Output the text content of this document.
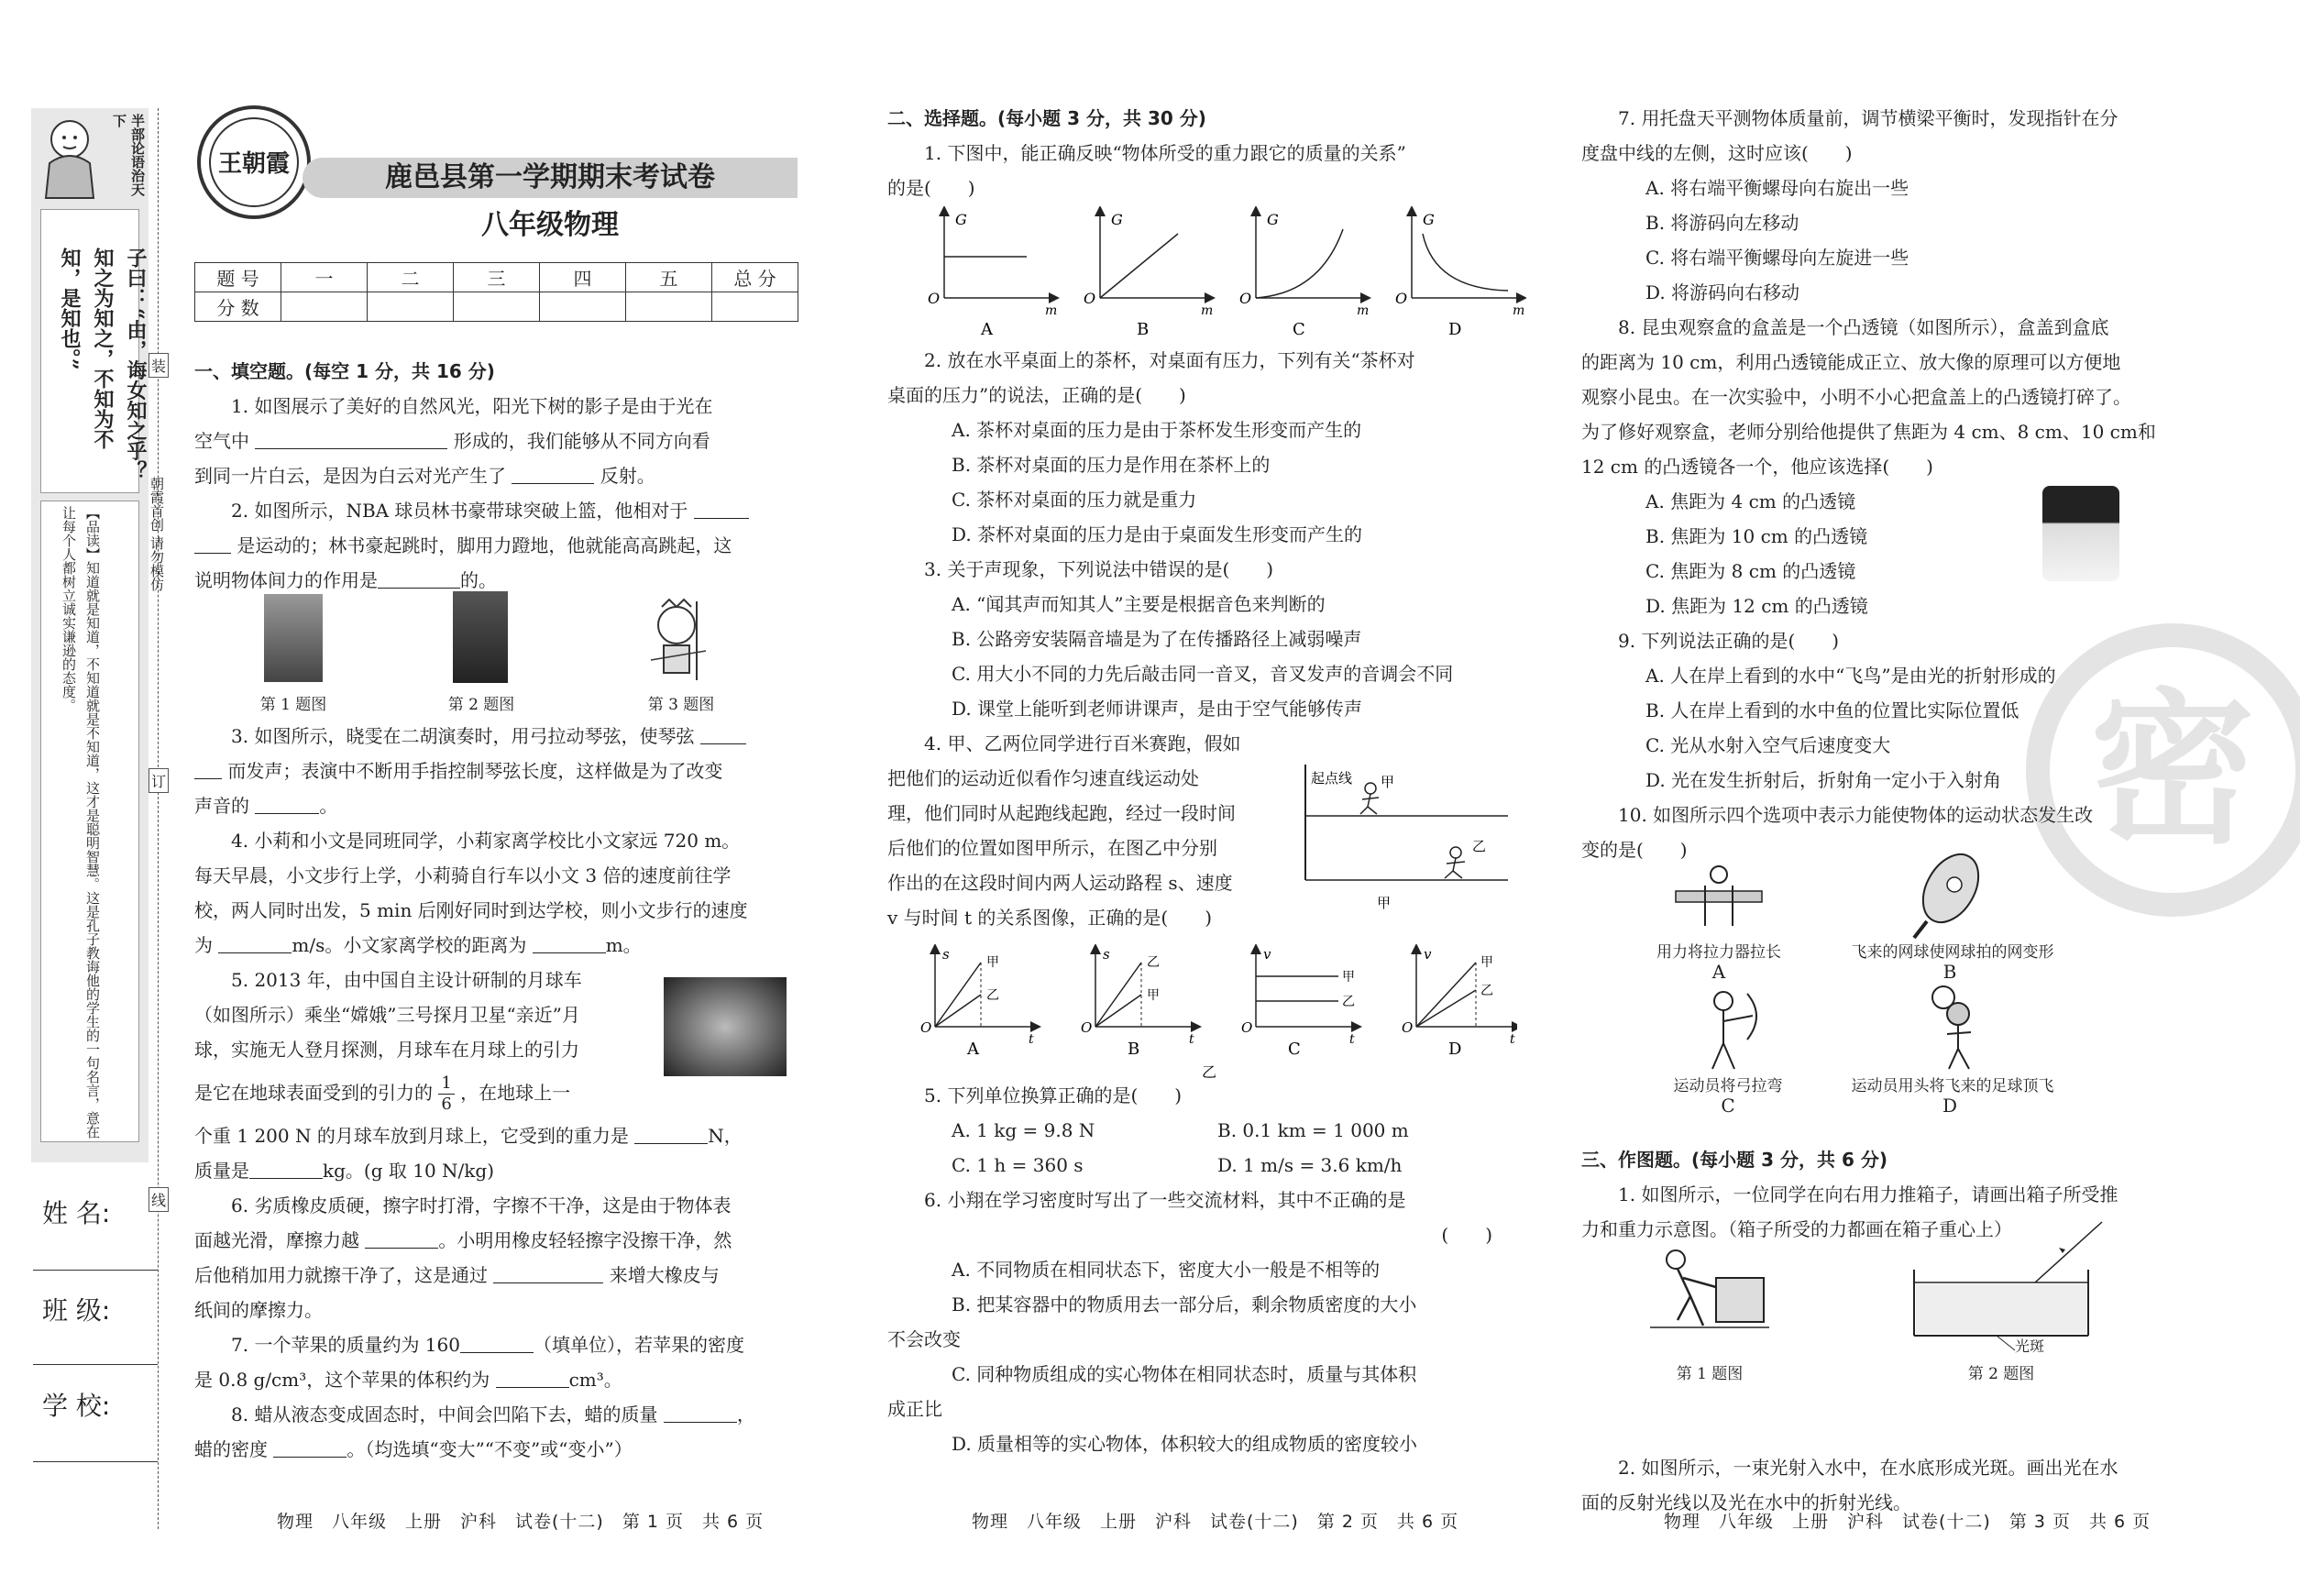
半部论语治天下
子曰：“由，诲女知之乎？知之为知之，不知为不知，是知也。”
【品读】知道就是知道，不知道就是不知道，这才是聪明智慧。这是孔子教诲他的学生的一句名言，意在让每个人都树立诚实谦逊的态度。
装
订
线
朝霞首创 请勿模仿
姓 名:
班 级:
学 校:
王朝霞	鹿邑县第一学期期末考试卷
八年级物理
题 号	一	二	三	四	五	总 分
分 数						

一、填空题。(每空 1 分，共 16 分)

1. 如图展示了美好的自然风光，阳光下树的影子是由于光在

空气中	形成的，我们能够从不同方向看

到同一片白云，是因为白云对光产生了	反射。

2. 如图所示，NBA 球员林书豪带球突破上篮，他相对于

是运动的；林书豪起跳时，脚用力蹬地，他就能高高跳起，这

说明物体间力的作用是	的。

3. 如图所示，晓雯在二胡演奏时，用弓拉动琴弦，使琴弦

而发声；表演中不断用手指控制琴弦长度，这样做是为了改变

声音的	。

4. 小莉和小文是同班同学，小莉家离学校比小文家远 720 m。

每天早晨，小文步行上学，小莉骑自行车以小文 3 倍的速度前往学

校，两人同时出发，5 min 后刚好同时到达学校，则小文步行的速度

为	m/s。小文家离学校的距离为	m。

5. 2013 年，由中国自主设计研制的月球车

（如图所示）乘坐“嫦娥”三号探月卫星“亲近”月

球，实施无人登月探测，月球车在月球上的引力

是它在地球表面受到的引力的 $\frac{1}{6}$ ，在地球上一

个重 1 200 N 的月球车放到月球上，它受到的重力是	N，

质量是	kg。(g 取 10 N/kg)

6. 劣质橡皮质硬，擦字时打滑，字擦不干净，这是由于物体表

面越光滑，摩擦力越	。小明用橡皮轻轻擦字没擦干净，然

后他稍加用力就擦干净了，这是通过	来增大橡皮与

纸间的摩擦力。

7. 一个苹果的质量约为 160	（填单位），若苹果的密度

是 0.8 g/cm³，这个苹果的体积约为	cm³。

8. 蜡从液态变成固态时，中间会凹陷下去，蜡的质量	，

蜡的密度	。（均选填“变大”“不变”或“变小”）

第 1 题图	第 2 题图	第 3 题图

二、选择题。(每小题 3 分，共 30 分)

1. 下图中，能正确反映“物体所受的重力跟它的质量的关系”

的是(　　)

2. 放在水平桌面上的茶杯，对桌面有压力，下列有关“茶杯对

桌面的压力”的说法，正确的是(　　)

A. 茶杯对桌面的压力是由于茶杯发生形变而产生的

B. 茶杯对桌面的压力是作用在茶杯上的

C. 茶杯对桌面的压力就是重力

D. 茶杯对桌面的压力是由于桌面发生形变而产生的

3. 关于声现象，下列说法中错误的是(　　)

A. “闻其声而知其人”主要是根据音色来判断的

B. 公路旁安装隔音墙是为了在传播路径上减弱噪声

C. 用大小不同的力先后敲击同一音叉，音叉发声的音调会不同

D. 课堂上能听到老师讲课声，是由于空气能够传声

4. 甲、乙两位同学进行百米赛跑，假如

把他们的运动近似看作匀速直线运动处

理，他们同时从起跑线起跑，经过一段时间

后他们的位置如图甲所示，在图乙中分别

作出的在这段时间内两人运动路程 s、速度

v 与时间 t 的关系图像，正确的是(　　)

5. 下列单位换算正确的是(　　)

A. 1 kg = 9.8 N	B. 0.1 km = 1 000 m

C. 1 h = 360 s	D. 1 m/s = 3.6 km/h

6. 小翔在学习密度时写出了一些交流材料，其中不正确的是

(　　)

A. 不同物质在相同状态下，密度大小一般是不相等的

B. 把某容器中的物质用去一部分后，剩余物质密度的大小

不会改变

C. 同种物质组成的实心物体在相同状态时，质量与其体积

成正比

D. 质量相等的实心物体，体积较大的组成物质的密度较小

G
O
m
A
G
O
m
B
G
O
m
C
G
O
m
D
起点线 甲
乙
甲
s	甲
乙
O
t
A
s	乙
甲
O
t
B
v
甲
乙
O
t
C
v	甲
乙
O
t
D
乙
密

7. 用托盘天平测物体质量前，调节横梁平衡时，发现指针在分

度盘中线的左侧，这时应该(　　)

A. 将右端平衡螺母向右旋出一些

B. 将游码向左移动

C. 将右端平衡螺母向左旋进一些

D. 将游码向右移动

8. 昆虫观察盒的盒盖是一个凸透镜（如图所示），盒盖到盒底

的距离为 10 cm，利用凸透镜能成正立、放大像的原理可以方便地

观察小昆虫。在一次实验中，小明不小心把盒盖上的凸透镜打碎了。

为了修好观察盒，老师分别给他提供了焦距为 4 cm、8 cm、10 cm和

12 cm 的凸透镜各一个，他应该选择(　　)

A. 焦距为 4 cm 的凸透镜

B. 焦距为 10 cm 的凸透镜

C. 焦距为 8 cm 的凸透镜

D. 焦距为 12 cm 的凸透镜

9. 下列说法正确的是(　　)

A. 人在岸上看到的水中“飞鸟”是由光的折射形成的

B. 人在岸上看到的水中鱼的位置比实际位置低

C. 光从水射入空气后速度变大

D. 光在发生折射后，折射角一定小于入射角

10. 如图所示四个选项中表示力能使物体的运动状态发生改

变的是(　　)

三、作图题。(每小题 3 分，共 6 分)

1. 如图所示，一位同学在向右用力推箱子，请画出箱子所受推

力和重力示意图。（箱子所受的力都画在箱子重心上）

2. 如图所示，一束光射入水中，在水底形成光斑。画出光在水

面的反射光线以及光在水中的折射光线。

用力将拉力器拉长
A
飞来的网球使网球拍的网变形
B
运动员将弓拉弯
C
运动员用头将飞来的足球顶飞
D
第 1 题图
光斑
第 2 题图
物理　八年级　上册　沪科　试卷(十二)　第 1 页　共 6 页	物理　八年级　上册　沪科　试卷(十二)　第 2 页　共 6 页	物理　八年级　上册　沪科　试卷(十二)　第 3 页　共 6 页
